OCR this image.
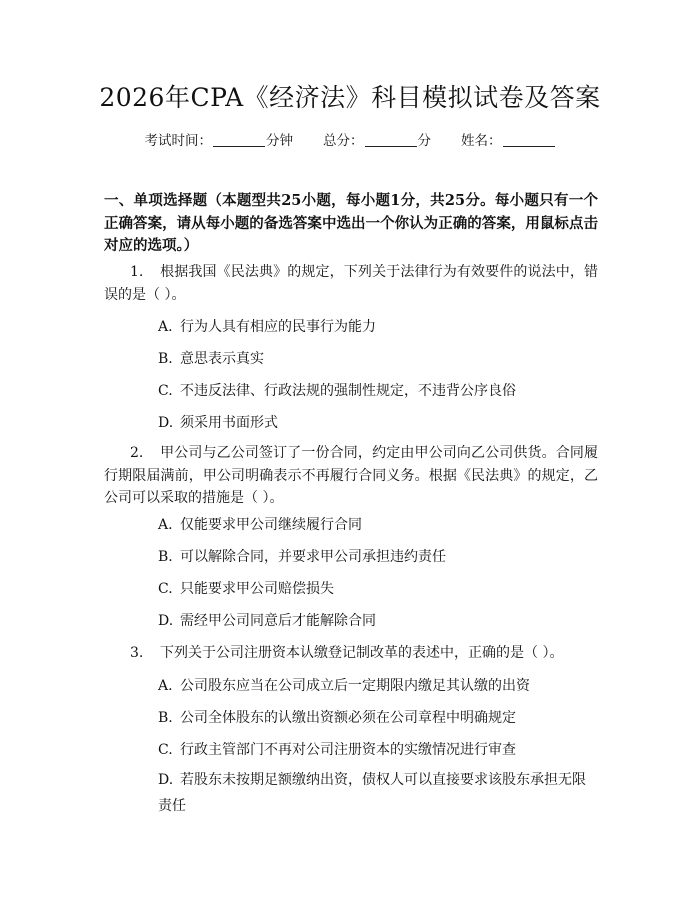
2026年CPA《经济法》科目模拟试卷及答案
考试时间：	分钟 总分：	分 姓名：
一、单项选择题（本题型共25小题，每小题1分，共25分。每小题只有一个正确答案，请从每小题的备选答案中选出一个你认为正确的答案，用鼠标点击对应的选项。）
1. 根据我国《民法典》的规定，下列关于法律行为有效要件的说法中，错误的是（ ）。
A. 行为人具有相应的民事行为能力
B. 意思表示真实
C. 不违反法律、行政法规的强制性规定，不违背公序良俗
D. 须采用书面形式
2. 甲公司与乙公司签订了一份合同，约定由甲公司向乙公司供货。合同履行期限届满前，甲公司明确表示不再履行合同义务。根据《民法典》的规定，乙公司可以采取的措施是（ ）。
A. 仅能要求甲公司继续履行合同
B. 可以解除合同，并要求甲公司承担违约责任
C. 只能要求甲公司赔偿损失
D. 需经甲公司同意后才能解除合同
3. 下列关于公司注册资本认缴登记制改革的表述中，正确的是（ ）。
A. 公司股东应当在公司成立后一定期限内缴足其认缴的出资
B. 公司全体股东的认缴出资额必须在公司章程中明确规定
C. 行政主管部门不再对公司注册资本的实缴情况进行审查
D. 若股东未按期足额缴纳出资，债权人可以直接要求该股东承担无限责任
